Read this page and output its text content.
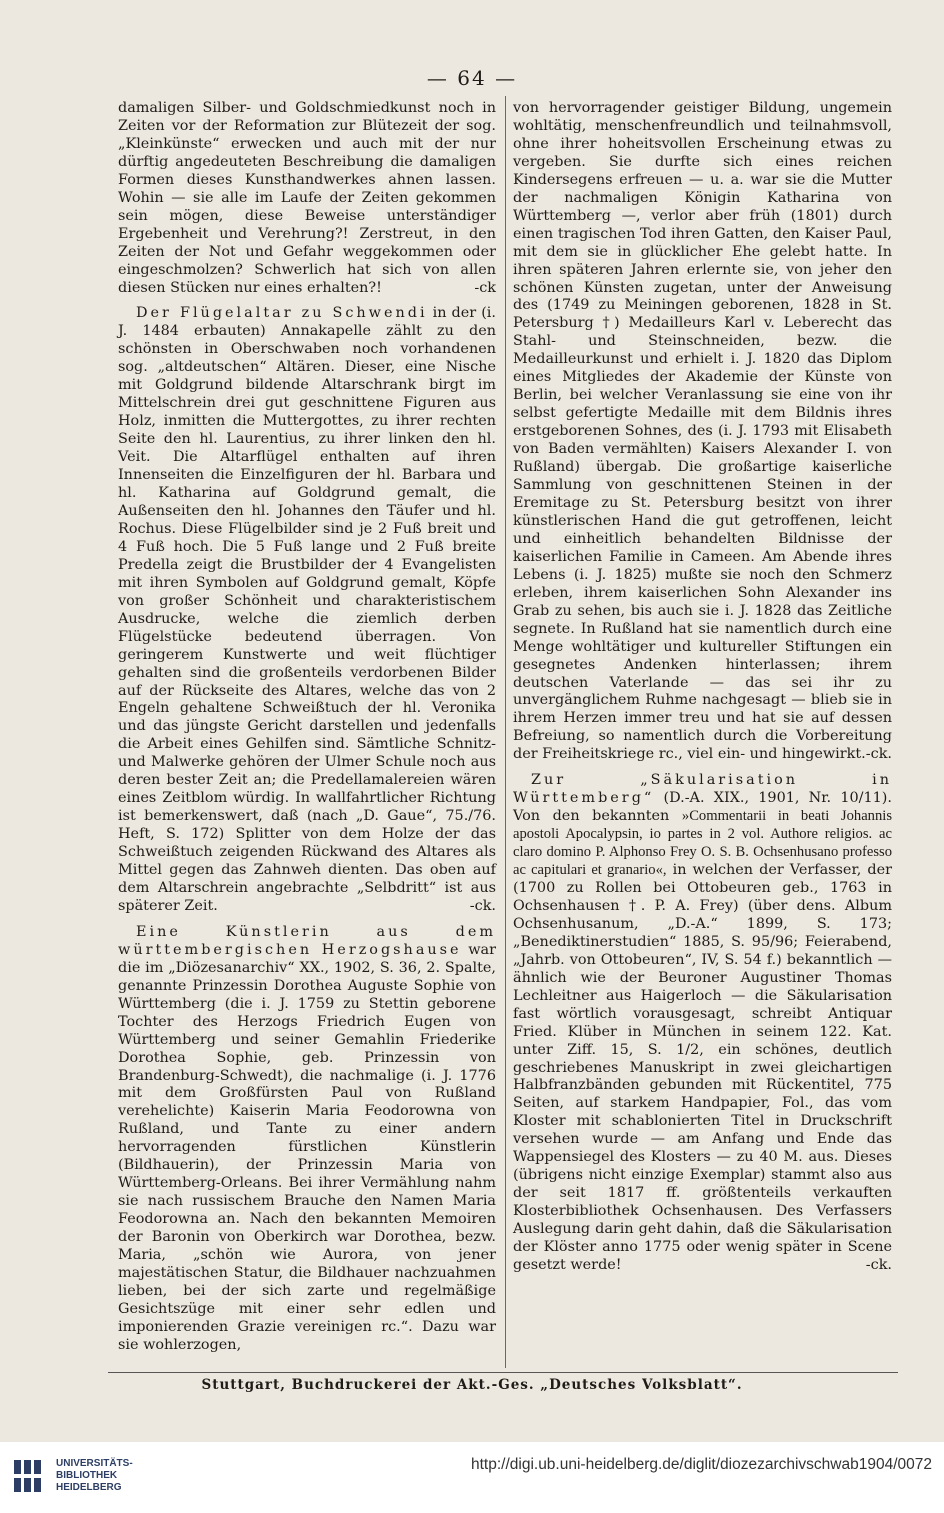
— 64 —

damaligen Silber- und Goldschmiedkunst noch in Zeiten vor der Reformation zur Blütezeit der sog. „Kleinkünste“ erwecken und auch mit der nur dürftig angedeuteten Beschreibung die damaligen Formen dieses Kunsthandwerkes ahnen lassen. Wohin — sie alle im Laufe der Zeiten gekommen sein mögen, diese Beweise unterständiger Ergebenheit und Verehrung?! Zerstreut, in den Zeiten der Not und Gefahr weggekommen oder eingeschmolzen? Schwerlich hat sich von allen diesen Stücken nur eines erhalten?!	-ck

Der Flügelaltar zu Schwendi in der (i. J. 1484 erbauten) Annakapelle zählt zu den schönsten in Oberschwaben noch vorhandenen sog. „altdeutschen“ Altären. Dieser, eine Nische mit Goldgrund bildende Altarschrank birgt im Mittelschrein drei gut geschnittene Figuren aus Holz, inmitten die Muttergottes, zu ihrer rechten Seite den hl. Laurentius, zu ihrer linken den hl. Veit. Die Altarflügel enthalten auf ihren Innenseiten die Einzelfiguren der hl. Barbara und hl. Katharina auf Goldgrund gemalt, die Außenseiten den hl. Johannes den Täufer und hl. Rochus. Diese Flügelbilder sind je 2 Fuß breit und 4 Fuß hoch. Die 5 Fuß lange und 2 Fuß breite Predella zeigt die Brustbilder der 4 Evangelisten mit ihren Symbolen auf Goldgrund gemalt, Köpfe von großer Schönheit und charakteristischem Ausdrucke, welche die ziemlich derben Flügelstücke bedeutend überragen. Von geringerem Kunstwerte und weit flüchtiger gehalten sind die großenteils verdorbenen Bilder auf der Rückseite des Altares, welche das von 2 Engeln gehaltene Schweißtuch der hl. Veronika und das jüngste Gericht darstellen und jedenfalls die Arbeit eines Gehilfen sind. Sämtliche Schnitz- und Malwerke gehören der Ulmer Schule noch aus deren bester Zeit an; die Predellamalereien wären eines Zeitblom würdig. In wallfahrtlicher Richtung ist bemerkenswert, daß (nach „D. Gaue“, 75./76. Heft, S. 172) Splitter von dem Holze der das Schweißtuch zeigenden Rückwand des Altares als Mittel gegen das Zahnweh dienten. Das oben auf dem Altarschrein angebrachte „Selbdritt“ ist aus späterer Zeit.	-ck.

Eine Künstlerin aus dem württembergischen Herzogshause war die im „Diözesanarchiv“ XX., 1902, S. 36, 2. Spalte, genannte Prinzessin Dorothea Auguste Sophie von Württemberg (die i. J. 1759 zu Stettin geborene Tochter des Herzogs Friedrich Eugen von Württemberg und seiner Gemahlin Friederike Dorothea Sophie, geb. Prinzessin von Brandenburg-Schwedt), die nachmalige (i. J. 1776 mit dem Großfürsten Paul von Rußland verehelichte) Kaiserin Maria Feodorowna von Rußland, und Tante zu einer andern hervorragenden fürstlichen Künstlerin (Bildhauerin), der Prinzessin Maria von Württemberg-Orleans. Bei ihrer Vermählung nahm sie nach russischem Brauche den Namen Maria Feodorowna an. Nach den bekannten Memoiren der Baronin von Oberkirch war Dorothea, bezw. Maria, „schön wie Aurora, von jener majestätischen Statur, die Bildhauer nachzuahmen lieben, bei der sich zarte und regelmäßige Gesichtszüge mit einer sehr edlen und imponierenden Grazie vereinigen rc.“. Dazu war sie wohlerzogen,

von hervorragender geistiger Bildung, ungemein wohltätig, menschenfreundlich und teilnahmsvoll, ohne ihrer hoheitsvollen Erscheinung etwas zu vergeben. Sie durfte sich eines reichen Kindersegens erfreuen — u. a. war sie die Mutter der nachmaligen Königin Katharina von Württemberg —, verlor aber früh (1801) durch einen tragischen Tod ihren Gatten, den Kaiser Paul, mit dem sie in glücklicher Ehe gelebt hatte. In ihren späteren Jahren erlernte sie, von jeher den schönen Künsten zugetan, unter der Anweisung des (1749 zu Meiningen geborenen, 1828 in St. Petersburg †) Medailleurs Karl v. Leberecht das Stahl- und Steinschneiden, bezw. die Medailleurkunst und erhielt i. J. 1820 das Diplom eines Mitgliedes der Akademie der Künste von Berlin, bei welcher Veranlassung sie eine von ihr selbst gefertigte Medaille mit dem Bildnis ihres erstgeborenen Sohnes, des (i. J. 1793 mit Elisabeth von Baden vermählten) Kaisers Alexander I. von Rußland) übergab. Die großartige kaiserliche Sammlung von geschnittenen Steinen in der Eremitage zu St. Petersburg besitzt von ihrer künstlerischen Hand die gut getroffenen, leicht und einheitlich behandelten Bildnisse der kaiserlichen Familie in Cameen. Am Abende ihres Lebens (i. J. 1825) mußte sie noch den Schmerz erleben, ihrem kaiserlichen Sohn Alexander ins Grab zu sehen, bis auch sie i. J. 1828 das Zeitliche segnete. In Rußland hat sie namentlich durch eine Menge wohltätiger und kultureller Stiftungen ein gesegnetes Andenken hinterlassen; ihrem deutschen Vaterlande — das sei ihr zu unvergänglichem Ruhme nachgesagt — blieb sie in ihrem Herzen immer treu und hat sie auf dessen Befreiung, so namentlich durch die Vorbereitung der Freiheitskriege rc., viel ein- und hingewirkt. -ck.

Zur „Säkularisation in Württemberg“ (D.-A. XIX., 1901, Nr. 10/11). Von den bekannten »Commentarii in beati Johannis apostoli Apocalypsin, io partes in 2 vol. Authore religios. ac claro domino P. Alphonso Frey O. S. B. Ochsenhusano professo ac capitulari et granario«, in welchen der Verfasser, der (1700 zu Rollen bei Ottobeuren geb., 1763 in Ochsenhausen †. P. A. Frey) (über dens. Album Ochsenhusanum, „D.-A.“ 1899, S. 173; „Benediktinerstudien“ 1885, S. 95/96; Feierabend, „Jahrb. von Ottobeuren“, IV, S. 54 f.) bekanntlich — ähnlich wie der Beuroner Augustiner Thomas Lechleitner aus Haigerloch — die Säkularisation fast wörtlich vorausgesagt, schreibt Antiquar Fried. Klüber in München in seinem 122. Kat. unter Ziff. 15, S. 1/2, ein schönes, deutlich geschriebenes Manuskript in zwei gleichartigen Halbfranzbänden gebunden mit Rückentitel, 775 Seiten, auf starkem Handpapier, Fol., das vom Kloster mit schablonierten Titel in Druckschrift versehen wurde — am Anfang und Ende das Wappensiegel des Klosters — zu 40 M. aus. Dieses (übrigens nicht einzige Exemplar) stammt also aus der seit 1817 ff. größtenteils verkauften Klosterbibliothek Ochsenhausen. Des Verfassers Auslegung darin geht dahin, daß die Säkularisation der Klöster anno 1775 oder wenig später in Scene gesetzt werde!	-ck.

Stuttgart, Buchdruckerei der Akt.-Ges. „Deutsches Volksblatt“.
UNIVERSITÄTS-
BIBLIOTHEK
HEIDELBERG
http://digi.ub.uni-heidelberg.de/diglit/diozezarchivschwab1904/0072
